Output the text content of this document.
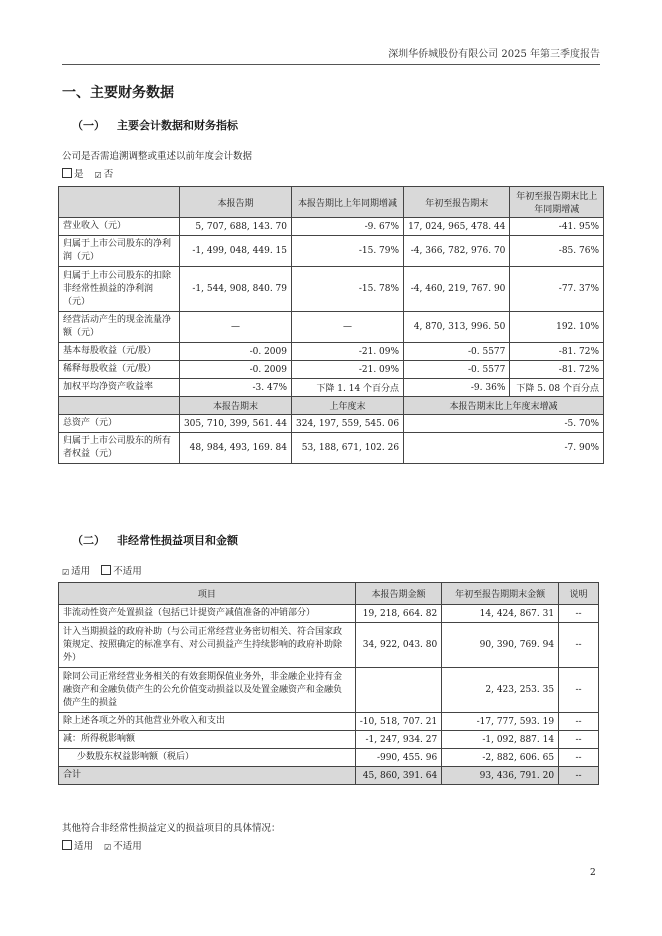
深圳华侨城股份有限公司 2025 年第三季度报告
一、主要财务数据
（一） 主要会计数据和财务指标
公司是否需追溯调整或重述以前年度会计数据
是 ☑ 否
	本报告期	本报告期比上年同期增减	年初至报告期末	年初至报告期末比上年同期增减
营业收入（元）	5, 707, 688, 143. 70	-9. 67%	17, 024, 965, 478. 44	-41. 95%
归属于上市公司股东的净利润（元）	-1, 499, 048, 449. 15	-15. 79%	-4, 366, 782, 976. 70	-85. 76%
归属于上市公司股东的扣除非经常性损益的净利润（元）	-1, 544, 908, 840. 79	-15. 78%	-4, 460, 219, 767. 90	-77. 37%
经营活动产生的现金流量净额（元）	—	—	4, 870, 313, 996. 50	192. 10%
基本每股收益（元/股）	-0. 2009	-21. 09%	-0. 5577	-81. 72%
稀释每股收益（元/股）	-0. 2009	-21. 09%	-0. 5577	-81. 72%
加权平均净资产收益率	-3. 47%	下降 1. 14 个百分点	-9. 36%	下降 5. 08 个百分点
	本报告期末	上年度末	本报告期末比上年度末增减	
总资产（元）	305, 710, 399, 561. 44	324, 197, 559, 545. 06	-5. 70%	
归属于上市公司股东的所有者权益（元）	48, 984, 493, 169. 84	53, 188, 671, 102. 26	-7. 90%	
（二） 非经常性损益项目和金额
☑ 适用 不适用
项目	本报告期金额	年初至报告期期末金额	说明
非流动性资产处置损益（包括已计提资产减值准备的冲销部分）	19, 218, 664. 82	14, 424, 867. 31	--
计入当期损益的政府补助（与公司正常经营业务密切相关、符合国家政策规定、按照确定的标准享有、对公司损益产生持续影响的政府补助除外）	34, 922, 043. 80	90, 390, 769. 94	--
除同公司正常经营业务相关的有效套期保值业务外，非金融企业持有金融资产和金融负债产生的公允价值变动损益以及处置金融资产和金融负债产生的损益		2, 423, 253. 35	--
除上述各项之外的其他营业外收入和支出	-10, 518, 707. 21	-17, 777, 593. 19	--
减：所得税影响额	-1, 247, 934. 27	-1, 092, 887. 14	--
少数股东权益影响额（税后）	-990, 455. 96	-2, 882, 606. 65	--
合计	45, 860, 391. 64	93, 436, 791. 20	--
其他符合非经常性损益定义的损益项目的具体情况：
适用 ☑ 不适用
2
